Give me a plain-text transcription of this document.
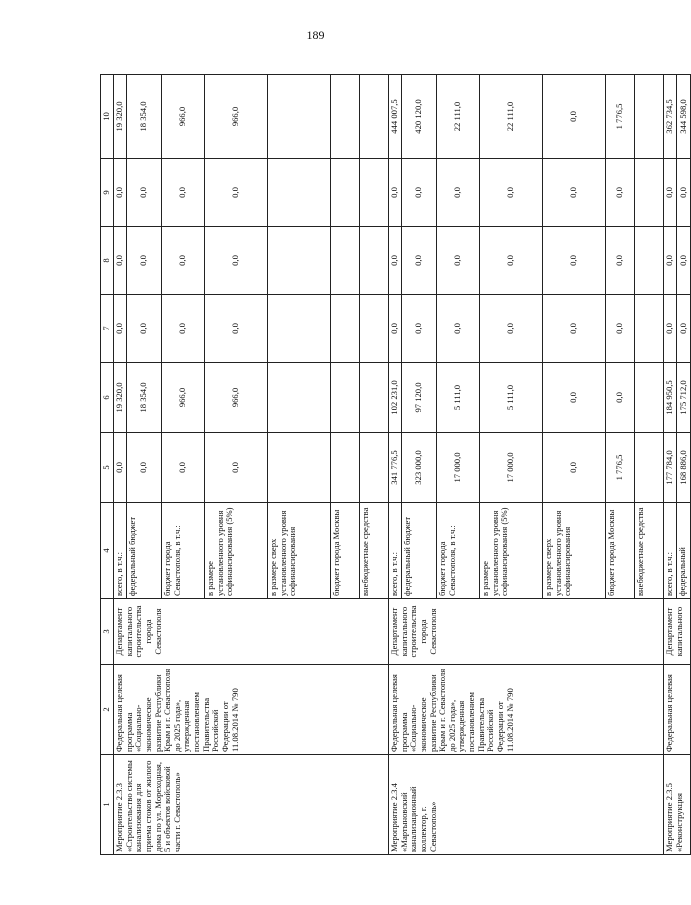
189
1	2	3	4	5	6	7	8	9	10
Мероприятие 2.3.3 «Строительство системы канализования для приема стоков от жилого дома по ул. Мореходная, 5 и объектов войсковой части г. Севастополь»	Федеральная целевая программа «Социально-экономическое развитие Республики Крым и г. Севастополя до 2025 года», утвержденная постановлением Правительства Российской Федерации от 11.08.2014 № 790	Департамент капитального строительства города Севастополя	всего, в т.ч.:	0,0	19 320,0	0,0	0,0	0,0	19 320,0
			федеральный бюджет	0,0	18 354,0	0,0	0,0	0,0	18 354,0
			бюджет города Севастополя, в т.ч.:	0,0	966,0	0,0	0,0	0,0	966,0
			в размере установленного уровня софинансирования (5%)	0,0	966,0	0,0	0,0	0,0	966,0
			в размере сверх установленного уровня софинансирования						
			бюджет города Москвы						
			внебюджетные средства						
Мероприятие 2.3.4 «Мартыновский канализационный коллектор, г. Севастополь»	Федеральная целевая программа «Социально-экономическое развитие Республики Крым и г. Севастополя до 2025 года», утвержденная постановлением Правительства Российской Федерации от 11.08.2014 № 790	Департамент капитального строительства города Севастополя	всего, в т.ч.:	341 776,5	102 231,0	0,0	0,0	0,0	444 007,5
			федеральный бюджет	323 000,0	97 120,0	0,0	0,0	0,0	420 120,0
			бюджет города Севастополя, в т.ч.:	17 000,0	5 111,0	0,0	0,0	0,0	22 111,0
			в размере установленного уровня софинансирования (5%)	17 000,0	5 111,0	0,0	0,0	0,0	22 111,0
			в размере сверх установленного уровня софинансирования	0,0	0,0	0,0	0,0	0,0	0,0
			бюджет города Москвы	1 776,5	0,0	0,0	0,0	0,0	1 776,5
			внебюджетные средства						
Мероприятие 2.3.5 «Реконструкция	Федеральная целевая	Департамент капитального	всего, в т.ч.:	177 784,0	184 950,5	0,0	0,0	0,0	362 734,5
			федеральный	168 886,0	175 712,0	0,0	0,0	0,0	344 598,0
